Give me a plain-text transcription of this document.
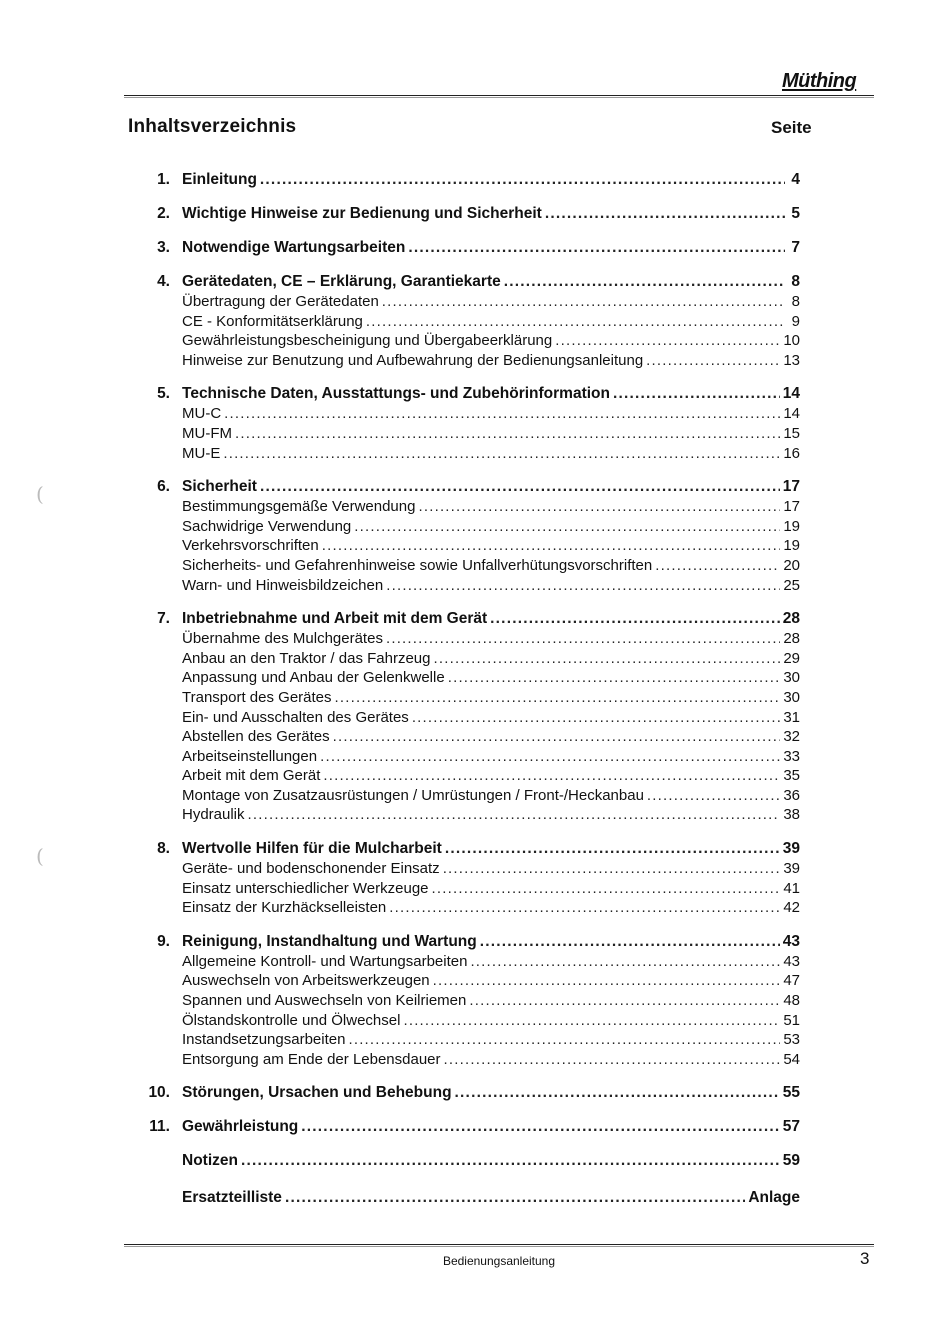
Müthing
Inhaltsverzeichnis	Seite
1. Einleitung .....	4
2. Wichtige Hinweise zur Bedienung und Sicherheit .....	5
3. Notwendige Wartungsarbeiten .....	7
4. Gerätedaten, CE – Erklärung, Garantiekarte .....	8
Übertragung der Gerätedaten .....	8
CE - Konformitätserklärung .....	9
Gewährleistungsbescheinigung und Übergabeerklärung .....	10
Hinweise zur Benutzung und Aufbewahrung der Bedienungsanleitung .....	13
5. Technische Daten, Ausstattungs- und Zubehörinformation .....	14
MU-C .....	14
MU-FM .....	15
MU-E .....	16
6. Sicherheit .....	17
Bestimmungsgemäße Verwendung .....	17
Sachwidrige Verwendung .....	19
Verkehrsvorschriften .....	19
Sicherheits- und Gefahrenhinweise sowie Unfallverhütungsvorschriften .....	20
Warn- und Hinweisbildzeichen .....	25
7. Inbetriebnahme und Arbeit mit dem Gerät .....	28
Übernahme des Mulchgerätes .....	28
Anbau an den Traktor / das Fahrzeug .....	29
Anpassung und Anbau der Gelenkwelle .....	30
Transport des Gerätes .....	30
Ein- und Ausschalten des Gerätes .....	31
Abstellen des Gerätes .....	32
Arbeitseinstellungen .....	33
Arbeit mit dem Gerät .....	35
Montage von Zusatzausrüstungen / Umrüstungen / Front-/Heckanbau .....	36
Hydraulik .....	38
8. Wertvolle Hilfen für die Mulcharbeit .....	39
Geräte- und bodenschonender Einsatz .....	39
Einsatz unterschiedlicher Werkzeuge .....	41
Einsatz der Kurzhäckselleisten .....	42
9. Reinigung, Instandhaltung und Wartung .....	43
Allgemeine Kontroll- und Wartungsarbeiten .....	43
Auswechseln von Arbeitswerkzeugen .....	47
Spannen und Auswechseln von Keilriemen .....	48
Ölstandskontrolle und Ölwechsel .....	51
Instandsetzungsarbeiten .....	53
Entsorgung am Ende der Lebensdauer .....	54
10. Störungen, Ursachen und Behebung .....	55
11. Gewährleistung .....	57
Notizen .....	59
Ersatzteilliste .....	Anlage
(
(
Bedienungsanleitung	3
